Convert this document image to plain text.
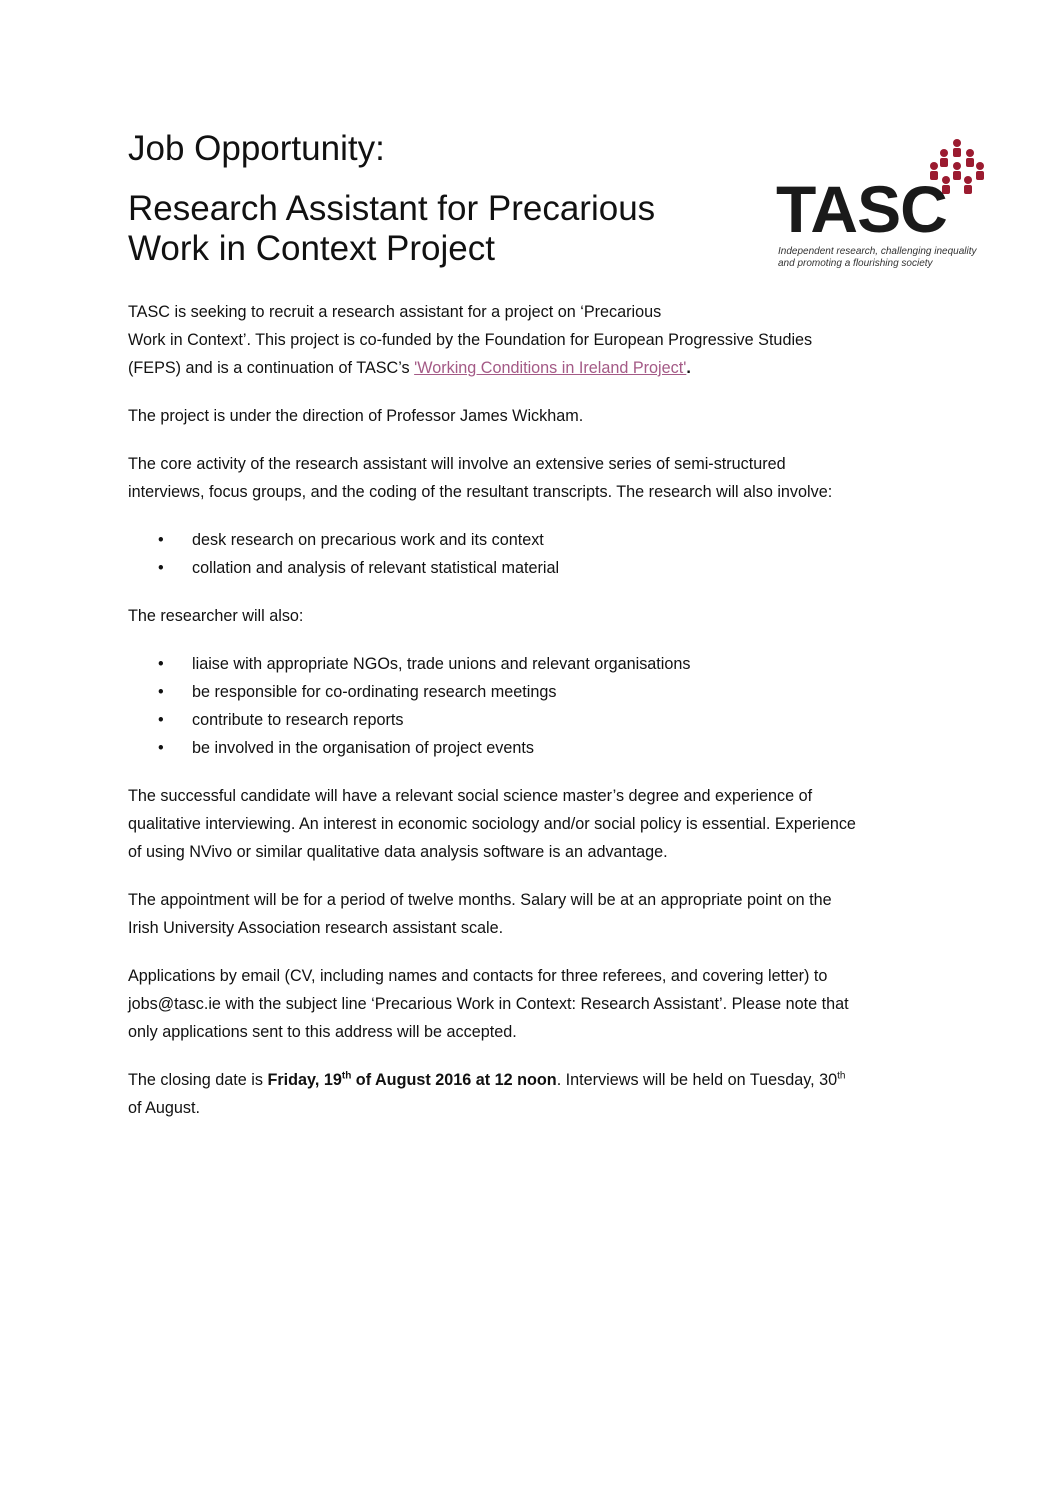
Job Opportunity:
Research Assistant for Precarious
Work in Context Project
TASC
Independent research, challenging inequality
and promoting a flourishing society

TASC is seeking to recruit a research assistant for a project on ‘Precarious
Work in Context’. This project is co-funded by the Foundation for European Progressive Studies
(FEPS) and is a continuation of TASC’s 'Working Conditions in Ireland Project'.

The project is under the direction of Professor James Wickham.

The core activity of the research assistant will involve an extensive series of semi-structured
interviews, focus groups, and the coding of the resultant transcripts. The research will also involve:

• desk research on precarious work and its context
• collation and analysis of relevant statistical material

The researcher will also:

• liaise with appropriate NGOs, trade unions and relevant organisations
• be responsible for co-ordinating research meetings
• contribute to research reports
• be involved in the organisation of project events

The successful candidate will have a relevant social science master’s degree and experience of
qualitative interviewing. An interest in economic sociology and/or social policy is essential. Experience
of using NVivo or similar qualitative data analysis software is an advantage.

The appointment will be for a period of twelve months. Salary will be at an appropriate point on the
Irish University Association research assistant scale.

Applications by email (CV, including names and contacts for three referees, and covering letter) to
jobs@tasc.ie with the subject line ‘Precarious Work in Context: Research Assistant’. Please note that
only applications sent to this address will be accepted.

The closing date is Friday, 19th of August 2016 at 12 noon. Interviews will be held on Tuesday, 30th
of August.
